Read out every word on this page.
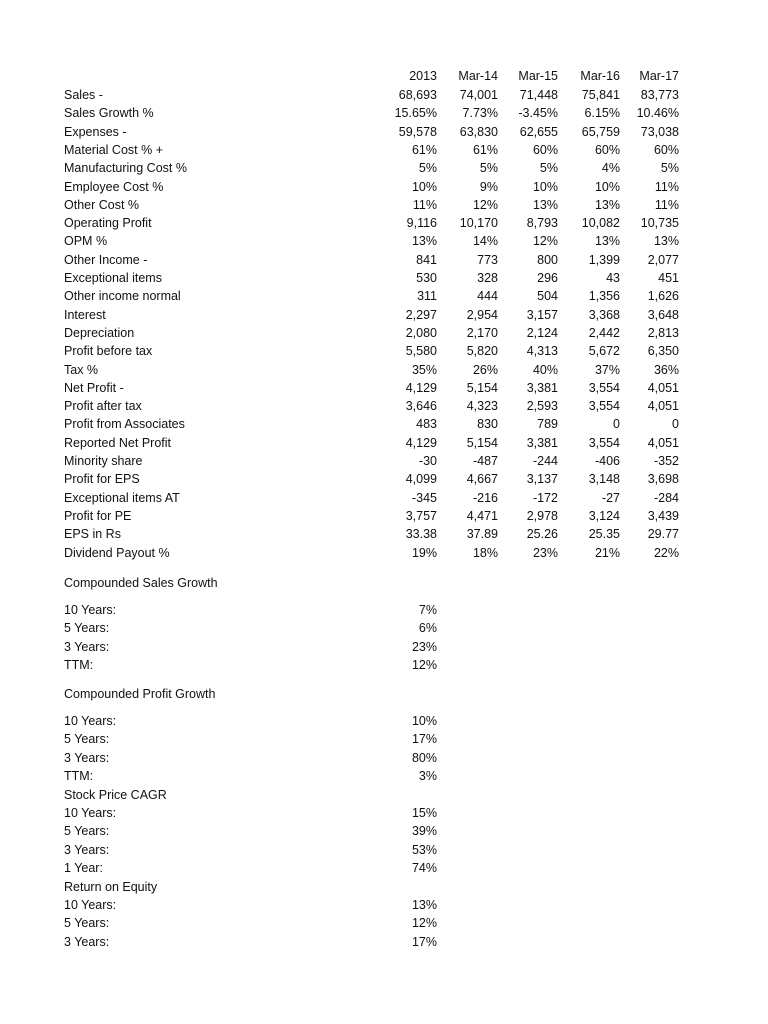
2013 Mar-14 Mar-15 Mar-16 Mar-17
Sales -	68,693 74,001 71,448 75,841 83,773
Sales Growth %	15.65% 7.73% -3.45% 6.15% 10.46%
Expenses -	59,578 63,830 62,655 65,759 73,038
Material Cost % +	61%	61%	60%	60%	60%
Manufacturing Cost %	5%	5%	5%	4%	5%
Employee Cost %	10%	9%	10%	10%	11%
Other Cost %	11%	12%	13%	13%	11%
Operating Profit	9,116 10,170 8,793 10,082 10,735
OPM %	13%	14%	12%	13%	13%
Other Income -	841	773	800 1,399 2,077
Exceptional items	530	328	296	43	451
Other income normal	311	444	504 1,356 1,626
Interest	2,297 2,954 3,157 3,368 3,648
Depreciation	2,080 2,170 2,124 2,442 2,813
Profit before tax	5,580 5,820 4,313 5,672 6,350
Tax %	35%	26%	40%	37%	36%
Net Profit -	4,129 5,154 3,381 3,554 4,051
Profit after tax	3,646 4,323 2,593 3,554 4,051
Profit from Associates	483	830	789	0	0
Reported Net Profit	4,129 5,154 3,381 3,554 4,051
Minority share	-30	-487	-244	-406	-352
Profit for EPS	4,099 4,667 3,137 3,148 3,698
Exceptional items AT	-345	-216	-172	-27	-284
Profit for PE	3,757 4,471 2,978 3,124 3,439
EPS in Rs	33.38 37.89 25.26 25.35 29.77
Dividend Payout %	19%	18%	23%	21%	22%
Compounded Sales Growth
10 Years:	7%
5 Years:	6%
3 Years:	23%
TTM:	12%
Compounded Profit Growth
10 Years:	10%
5 Years:	17%
3 Years:	80%
TTM:	3%
Stock Price CAGR
10 Years:	15%
5 Years:	39%
3 Years:	53%
1 Year:	74%
Return on Equity
10 Years:	13%
5 Years:	12%
3 Years:	17%
